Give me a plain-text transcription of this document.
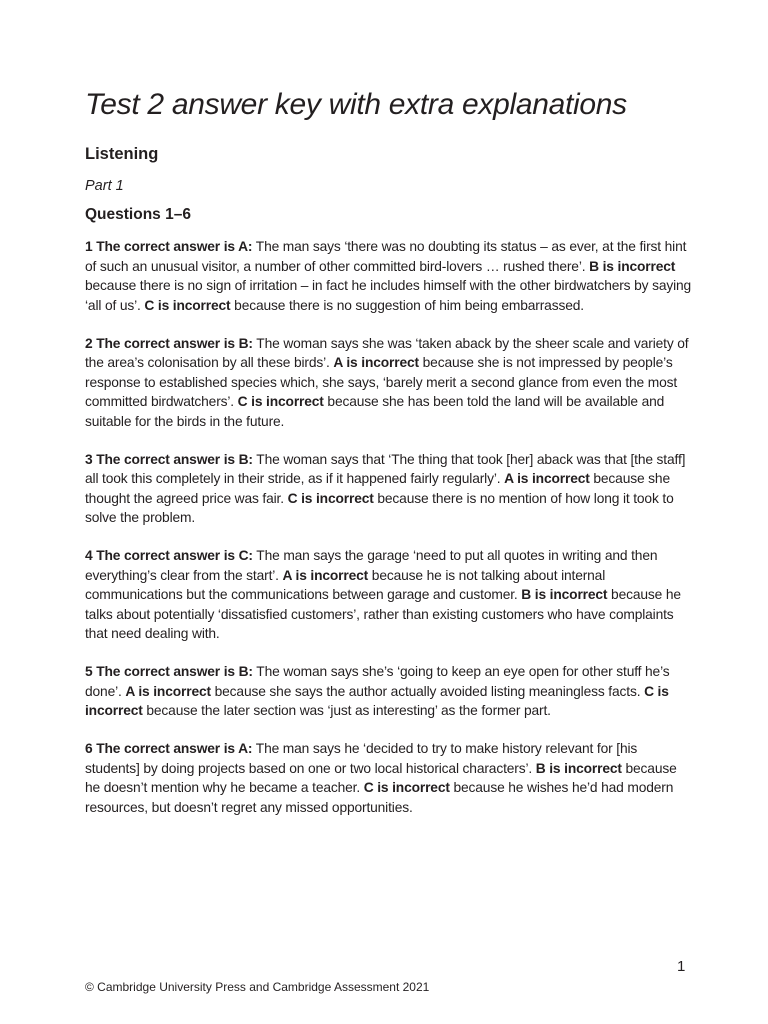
Test 2 answer key with extra explanations
Listening

Part 1

Questions 1–6

1 The correct answer is A: The man says ‘there was no doubting its status – as ever, at the first hint of such an unusual visitor, a number of other committed bird-lovers … rushed there’. B is incorrect because there is no sign of irritation – in fact he includes himself with the other birdwatchers by saying ‘all of us’. C is incorrect because there is no suggestion of him being embarrassed.

2 The correct answer is B: The woman says she was ‘taken aback by the sheer scale and variety of the area’s colonisation by all these birds’. A is incorrect because she is not impressed by people’s response to established species which, she says, ‘barely merit a second glance from even the most committed birdwatchers’. C is incorrect because she has been told the land will be available and suitable for the birds in the future.

3 The correct answer is B: The woman says that ‘The thing that took [her] aback was that [the staff] all took this completely in their stride, as if it happened fairly regularly’. A is incorrect because she thought the agreed price was fair. C is incorrect because there is no mention of how long it took to solve the problem.

4 The correct answer is C: The man says the garage ‘need to put all quotes in writing and then everything’s clear from the start’. A is incorrect because he is not talking about internal communications but the communications between garage and customer. B is incorrect because he talks about potentially ‘dissatisfied customers’, rather than existing customers who have complaints that need dealing with.

5 The correct answer is B: The woman says she’s ‘going to keep an eye open for other stuff he’s done’. A is incorrect because she says the author actually avoided listing meaningless facts. C is incorrect because the later section was ‘just as interesting’ as the former part.

6 The correct answer is A: The man says he ‘decided to try to make history relevant for [his students] by doing projects based on one or two local historical characters’. B is incorrect because he doesn’t mention why he became a teacher. C is incorrect because he wishes he’d had modern resources, but doesn’t regret any missed opportunities.

1
© Cambridge University Press and Cambridge Assessment 2021
